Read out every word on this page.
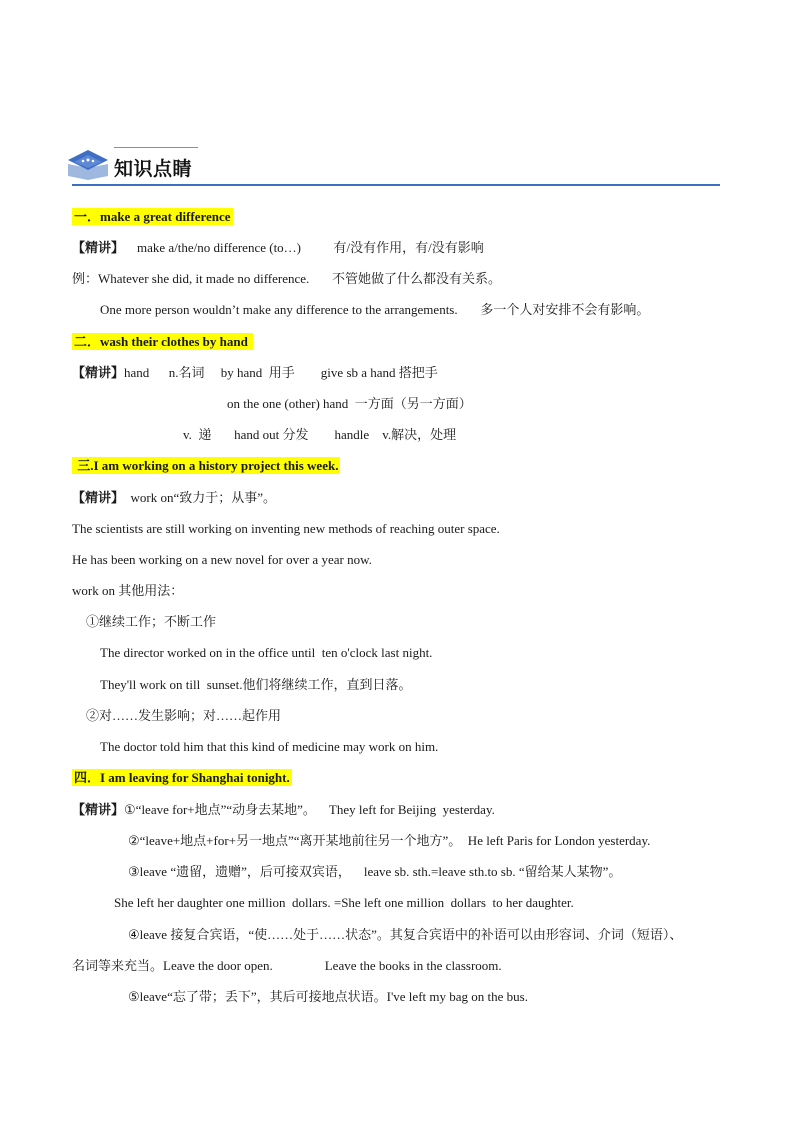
知识点睛
一．make a great difference
【精讲】    make a/the/no difference (to…)          有/没有作用，有/没有影响
例：Whatever she did, it made no difference.       不管她做了什么都没有关系。
One more person wouldn’t make any difference to the arrangements.       多一个人对安排不会有影响。
二．wash their clothes by hand
【精讲】hand      n.名词     by hand  用手        give sb a hand 搭把手
on the one (other) hand  一方面（另一方面）
v.  递       hand out 分发        handle    v.解决，处理
三.I am working on a history project this week.
【精讲】  work on“致力于；从事”。
The scientists are still working on inventing new methods of reaching outer space.
He has been working on a new novel for over a year now.
work on 其他用法：
①继续工作；不断工作
The director worked on in the office until  ten o'clock last night.
They'll work on till  sunset.他们将继续工作，直到日落。
②对……发生影响；对……起作用
The doctor told him that this kind of medicine may work on him.
四．I am leaving for Shanghai tonight.
【精讲】①“leave for+地点”“动身去某地”。    They left for Beijing  yesterday.
②“leave+地点+for+另一地点”“离开某地前往另一个地方”。  He left Paris for London yesterday.
③leave “遗留，遗赠”，后可接双宾语，    leave sb. sth.=leave sth.to sb. “留给某人某物”。
She left her daughter one million  dollars. =She left one million  dollars  to her daughter.
④leave 接复合宾语，“使……处于……状态”。其复合宾语中的补语可以由形容词、介词（短语）、
名词等来充当。Leave the door open.                Leave the books in the classroom.
⑤leave“忘了带；丢下”，其后可接地点状语。I've left my bag on the bus.
